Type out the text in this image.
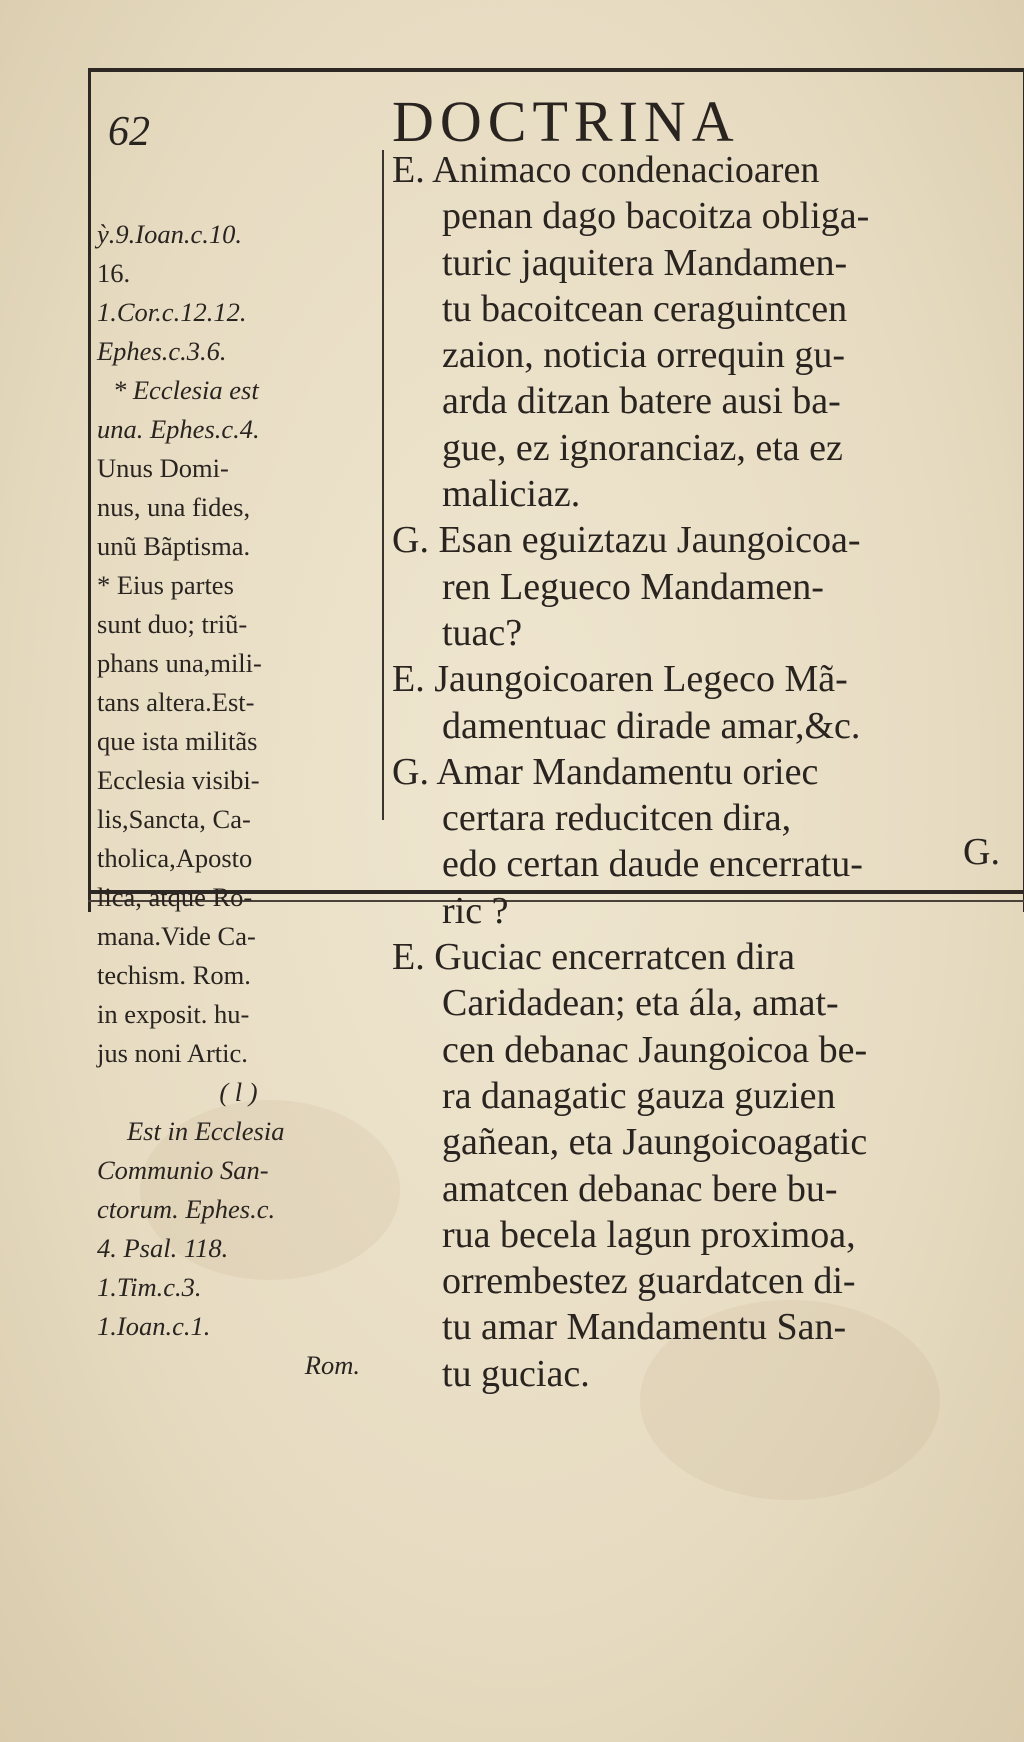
62	DOCTRINA
ỳ.9.Ioan.c.10.
16.
1.Cor.c.12.12.
Ephes.c.3.6.
* Ecclesia est
una. Ephes.c.4.
Unus Domi-
nus, una fides,
unũ Bãptisma.
* Eius partes
sunt duo; triũ-
phans una,mili-
tans altera.Est-
que ista militãs
Ecclesia visibi-
lis,Sancta, Ca-
tholica,Aposto
lica, atque Ro-
mana.Vide Ca-
techism. Rom.
in exposit. hu-
jus noni Artic.
( l )
Est in Ecclesia
Communio San-
ctorum. Ephes.c.
4. Psal. 118.
1.Tim.c.3.
1.Ioan.c.1.
Rom.
E. Animaco condenacioaren
penan dago bacoitza obliga-
turic jaquitera Mandamen-
tu bacoitcean ceraguintcen
zaion, noticia orrequin gu-
arda ditzan batere ausi ba-
gue, ez ignoranciaz, eta ez
maliciaz.
G. Esan eguiztazu Jaungoicoa-
ren Legueco Mandamen-
tuac?
E. Jaungoicoaren Legeco Mã-
damentuac dirade amar,&c.
G. Amar Mandamentu oriec
certara reducitcen dira,
edo certan daude encerratu-
ric ?
E. Guciac encerratcen dira
Caridadean; eta ála, amat-
cen debanac Jaungoicoa be-
ra danagatic gauza guzien
gañean, eta Jaungoicoagatic
amatcen debanac bere bu-
rua becela lagun proximoa,
orrembestez guardatcen di-
tu amar Mandamentu San-
tu guciac.
G.
